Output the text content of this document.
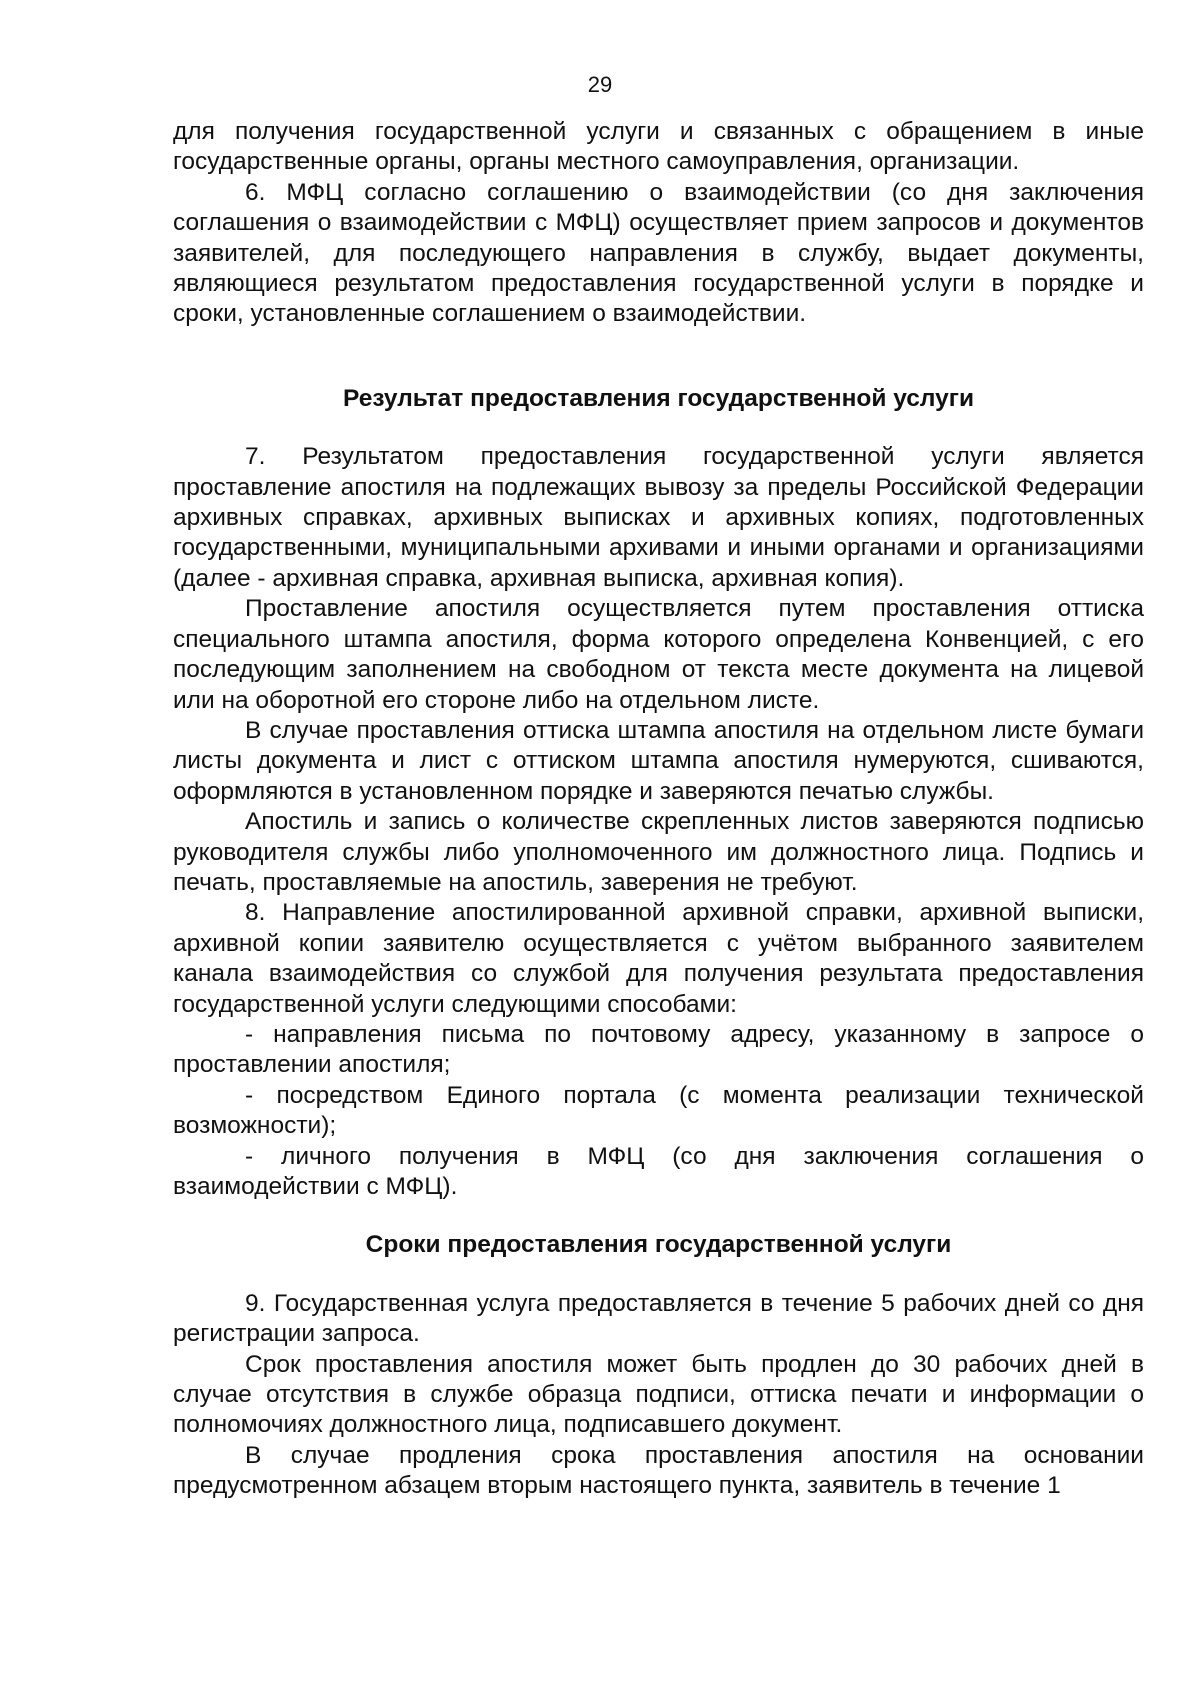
29

для получения государственной услуги и связанных с обращением в иные государственные органы, органы местного самоуправления, организации.

6. МФЦ согласно соглашению о взаимодействии (со дня заключения соглашения о взаимодействии с МФЦ) осуществляет прием запросов и документов заявителей, для последующего направления в службу, выдает документы, являющиеся результатом предоставления государственной услуги в порядке и сроки, установленные соглашением о взаимодействии.

Результат предоставления государственной услуги

7. Результатом предоставления государственной услуги является проставление апостиля на подлежащих вывозу за пределы Российской Федерации архивных справках, архивных выписках и архивных копиях, подготовленных государственными, муниципальными архивами и иными органами и организациями (далее - архивная справка, архивная выписка, архивная копия).

Проставление апостиля осуществляется путем проставления оттиска специального штампа апостиля, форма которого определена Конвенцией, с его последующим заполнением на свободном от текста месте документа на лицевой или на оборотной его стороне либо на отдельном листе.

В случае проставления оттиска штампа апостиля на отдельном листе бумаги листы документа и лист с оттиском штампа апостиля нумеруются, сшиваются, оформляются в установленном порядке и заверяются печатью службы.

Апостиль и запись о количестве скрепленных листов заверяются подписью руководителя службы либо уполномоченного им должностного лица. Подпись и печать, проставляемые на апостиль, заверения не требуют.

8. Направление апостилированной архивной справки, архивной выписки, архивной копии заявителю осуществляется с учётом выбранного заявителем канала взаимодействия со службой для получения результата предоставления государственной услуги следующими способами:

- направления письма по почтовому адресу, указанному в запросе о проставлении апостиля;

- посредством Единого портала (с момента реализации технической возможности);

- личного получения в МФЦ (со дня заключения соглашения о взаимодействии с МФЦ).

Сроки предоставления государственной услуги

9. Государственная услуга предоставляется в течение 5 рабочих дней со дня регистрации запроса.

Срок проставления апостиля может быть продлен до 30 рабочих дней в случае отсутствия в службе образца подписи, оттиска печати и информации о полномочиях должностного лица, подписавшего документ.

В случае продления срока проставления апостиля на основании предусмотренном абзацем вторым настоящего пункта, заявитель в течение 1
